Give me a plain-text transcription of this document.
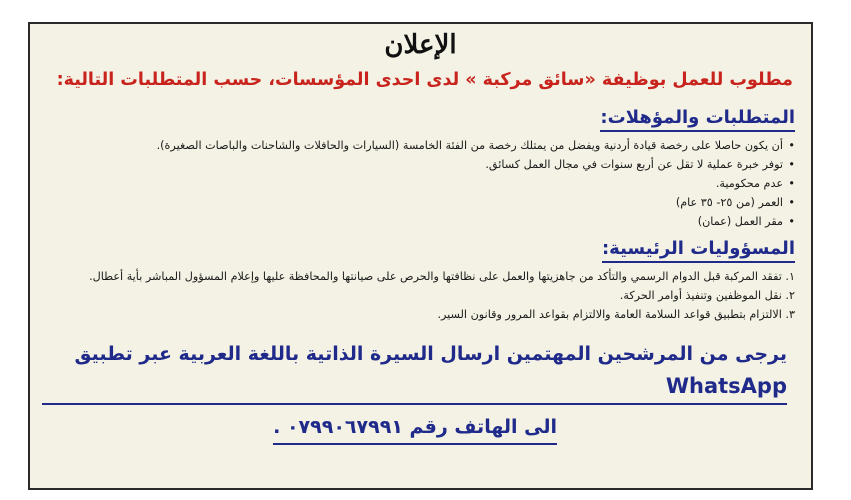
الإعلان
مطلوب للعمل بوظيفة «سائق مركبة » لدى احدى المؤسسات، حسب المتطلبات التالية:
المتطلبات والمؤهلات:
• أن يكون حاصلا على رخصة قيادة أردنية ويفضل من يمتلك رخصة من الفئة الخامسة (السيارات والحافلات والشاحنات والباصات الصغيرة).
• توفر خبرة عملية لا تقل عن أربع سنوات في مجال العمل كسائق.
• عدم محكومية.
• العمر (من ٢٥- ٣٥ عام)
• مقر العمل (عمان)
المسؤوليات الرئيسية:
١. تفقد المركبة قبل الدوام الرسمي والتأكد من جاهزيتها والعمل على نظافتها والحرص على صيانتها والمحافظة عليها وإعلام المسؤول المباشر بأية أعطال.
٢. نقل الموظفين وتنفيذ أوامر الحركة.
٣. الالتزام بتطبيق قواعد السلامة العامة والالتزام بقواعد المرور وقانون السير.
يرجى من المرشحين المهتمين ارسال السيرة الذاتية باللغة العربية عبر تطبيق WhatsApp
الى الهاتف رقم ٠٧٩٩٠٦٧٩٩١ .
